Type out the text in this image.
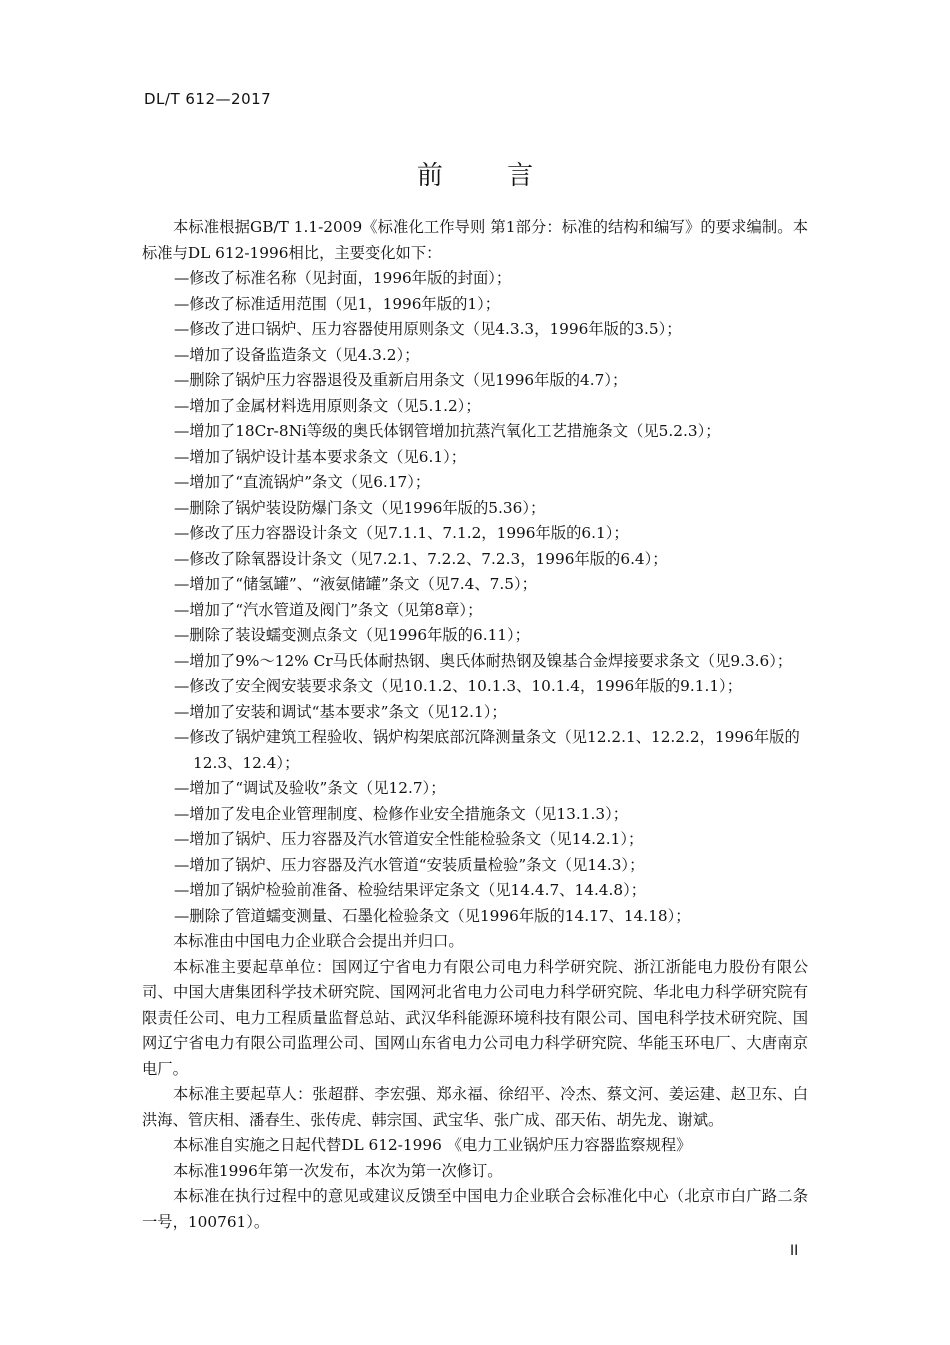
DL/T 612—2017
前 言

本标准根据GB/T 1.1-2009《标准化工作导则 第1部分：标准的结构和编写》的要求编制。本标准与DL 612-1996相比，主要变化如下：

—修改了标准名称（见封面，1996年版的封面）；

—修改了标准适用范围（见1，1996年版的1）；

—修改了进口锅炉、压力容器使用原则条文（见4.3.3，1996年版的3.5）；

—增加了设备监造条文（见4.3.2）；

—删除了锅炉压力容器退役及重新启用条文（见1996年版的4.7）；

—增加了金属材料选用原则条文（见5.1.2）；

—增加了18Cr-8Ni等级的奥氏体钢管增加抗蒸汽氧化工艺措施条文（见5.2.3）；

—增加了锅炉设计基本要求条文（见6.1）；

—增加了“直流锅炉”条文（见6.17）；

—删除了锅炉装设防爆门条文（见1996年版的5.36）；

—修改了压力容器设计条文（见7.1.1、7.1.2，1996年版的6.1）；

—修改了除氧器设计条文（见7.2.1、7.2.2、7.2.3，1996年版的6.4）；

—增加了“储氢罐”、“液氨储罐”条文（见7.4、7.5）；

—增加了“汽水管道及阀门”条文（见第8章）；

—删除了装设蠕变测点条文（见1996年版的6.11）；

—增加了9%～12% Cr马氏体耐热钢、奥氏体耐热钢及镍基合金焊接要求条文（见9.3.6）；

—修改了安全阀安装要求条文（见10.1.2、10.1.3、10.1.4，1996年版的9.1.1）；

—增加了安装和调试“基本要求”条文（见12.1）；

—修改了锅炉建筑工程验收、锅炉构架底部沉降测量条文（见12.2.1、12.2.2，1996年版的12.3、12.4）；

—增加了“调试及验收”条文（见12.7）；

—增加了发电企业管理制度、检修作业安全措施条文（见13.1.3）；

—增加了锅炉、压力容器及汽水管道安全性能检验条文（见14.2.1）；

—增加了锅炉、压力容器及汽水管道“安装质量检验”条文（见14.3）；

—增加了锅炉检验前准备、检验结果评定条文（见14.4.7、14.4.8）；

—删除了管道蠕变测量、石墨化检验条文（见1996年版的14.17、14.18）；

本标准由中国电力企业联合会提出并归口。

本标准主要起草单位：国网辽宁省电力有限公司电力科学研究院、浙江浙能电力股份有限公司、中国大唐集团科学技术研究院、国网河北省电力公司电力科学研究院、华北电力科学研究院有限责任公司、电力工程质量监督总站、武汉华科能源环境科技有限公司、国电科学技术研究院、国网辽宁省电力有限公司监理公司、国网山东省电力公司电力科学研究院、华能玉环电厂、大唐南京电厂。

本标准主要起草人：张超群、李宏强、郑永福、徐绍平、冷杰、蔡文河、姜运建、赵卫东、白洪海、管庆相、潘春生、张传虎、韩宗国、武宝华、张广成、邵天佑、胡先龙、谢斌。

本标准自实施之日起代替DL 612-1996 《电力工业锅炉压力容器监察规程》

本标准1996年第一次发布，本次为第一次修订。

本标准在执行过程中的意见或建议反馈至中国电力企业联合会标准化中心（北京市白广路二条一号，100761）。

II
